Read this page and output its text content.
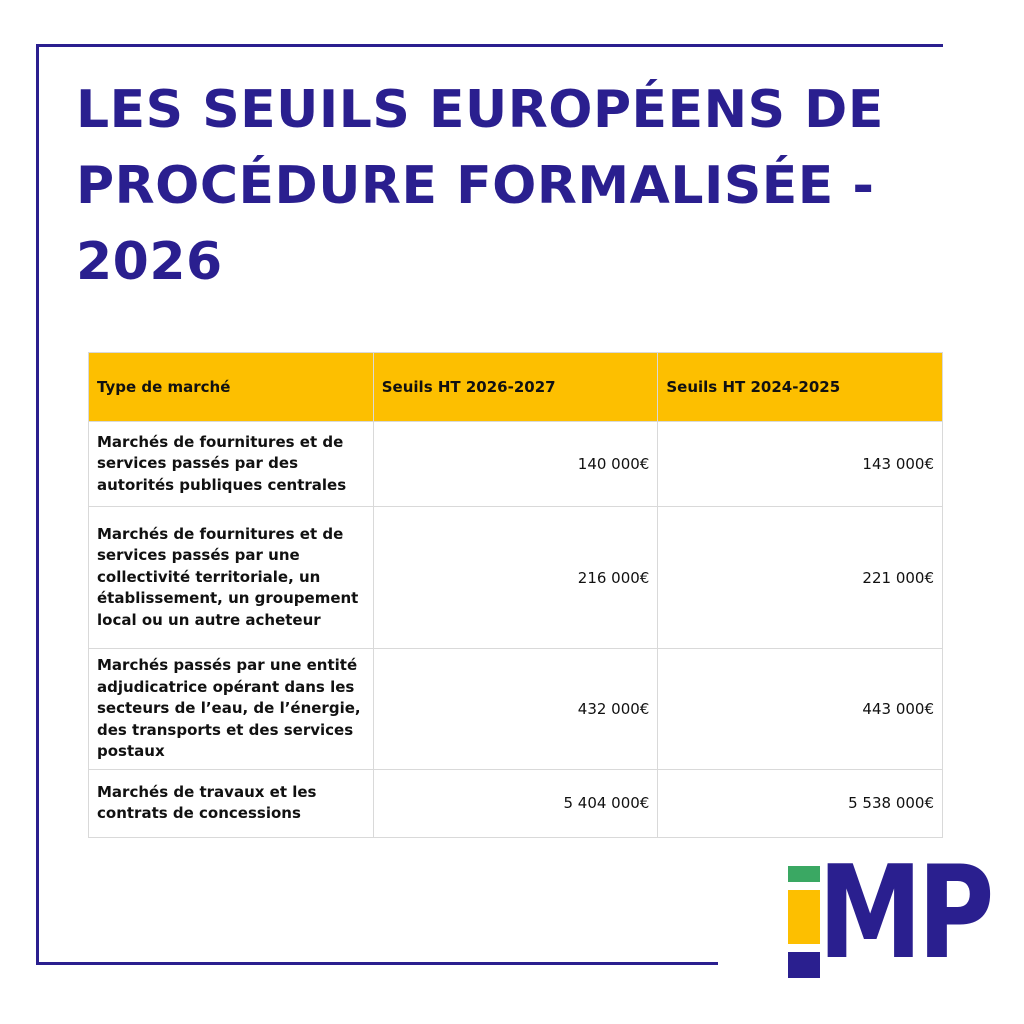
LES SEUILS EUROPÉENS DE PROCÉDURE FORMALISÉE - 2026
Type de marché	Seuils HT 2026-2027	Seuils HT 2024-2025
Marchés de fournitures et de services passés par des autorités publiques centrales	140 000€	143 000€
Marchés de fournitures et de services passés par une collectivité territoriale, un établissement, un groupement local ou un autre acheteur	216 000€	221 000€
Marchés passés par une entité adjudicatrice opérant dans les secteurs de l’eau, de l’énergie, des transports et des services postaux	432 000€	443 000€
Marchés de travaux et les contrats de concessions	5 404 000€	5 538 000€
MP
